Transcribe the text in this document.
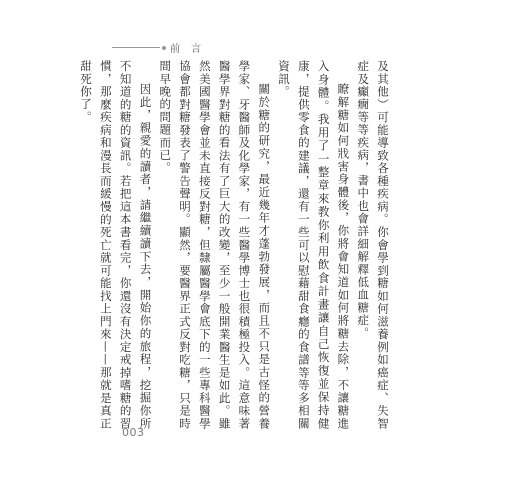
前 言

及其他）可能導致各種疾病。你會學到糖如何滋養例如癌症、失智症及癲癇等等疾病，書中也會詳細解釋低血糖症。

瞭解糖如何戕害身體後，你將會知道如何將糖去除，不讓糖進入身體。我用了一整章來教你利用飲食計畫讓自己恢復並保持健康，提供零食的建議，還有一些可以慰藉甜食癮的食譜等等多相關資訊。

關於糖的研究，最近幾年才蓬勃發展，而且不只是古怪的營養學家、牙醫師及化學家，有一些醫學博士也很積極投入。這意味著醫學界對糖的看法有了巨大的改變，至少一般開業醫生是如此。雖然美國醫學會並未直接反對糖，但隸屬醫學會底下的一些專科醫學協會都對糖發表了警告聲明。顯然，要醫界正式反對吃糖，只是時間早晚的問題而已。

因此，親愛的讀者，請繼續讀下去，開始你的旅程，挖掘你所不知道的糖的資訊。若把這本書看完，你還沒有決定戒掉嗜糖的習慣，那麼疾病和漫長而緩慢的死亡就可能找上門來——那就是真正甜死你了。

003
